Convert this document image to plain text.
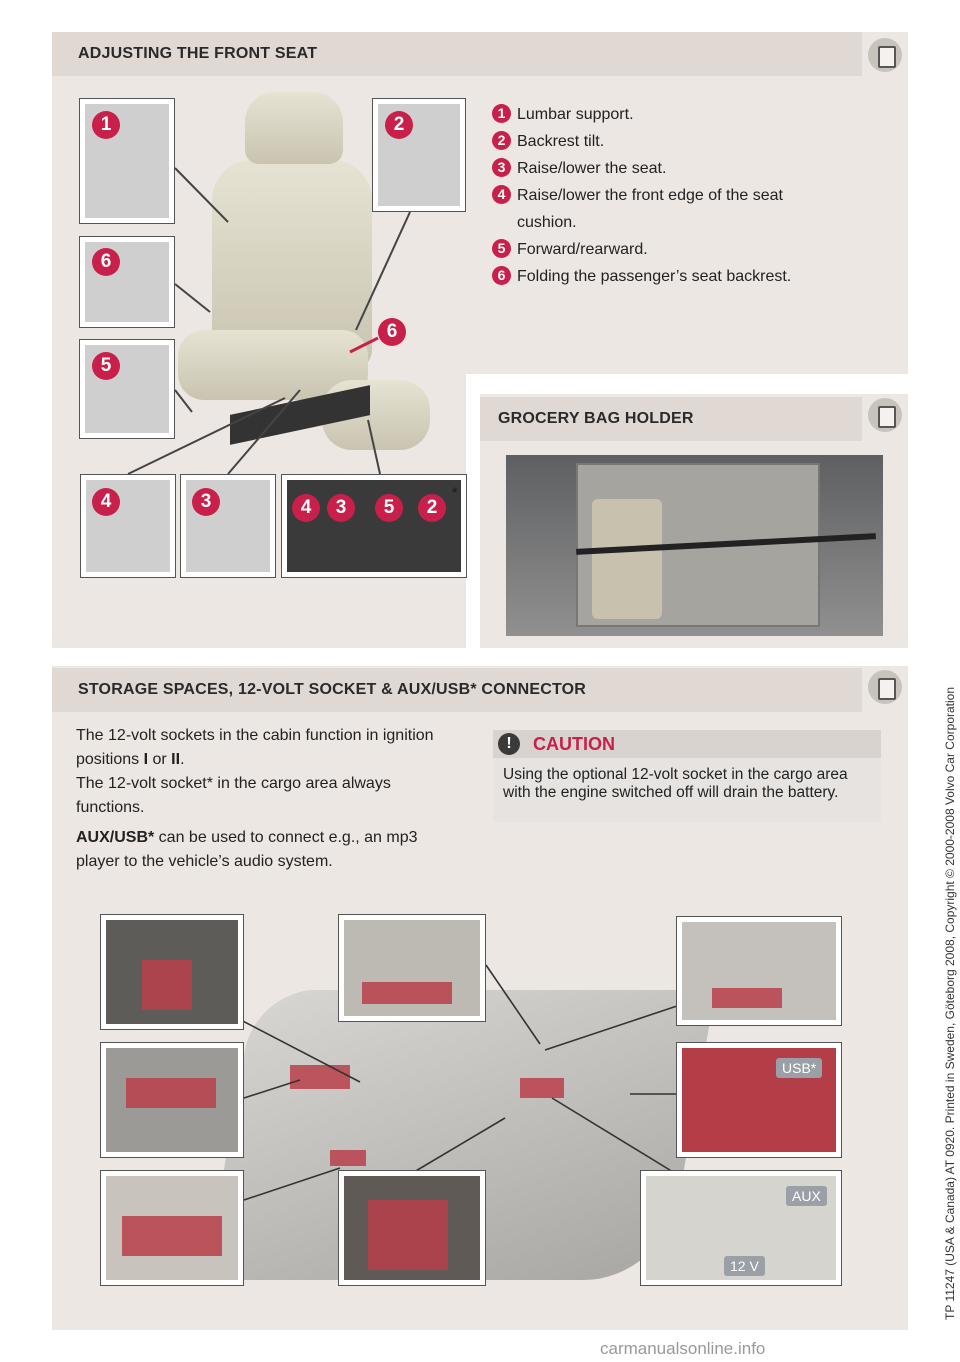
ADJUSTING THE FRONT SEAT
1	2
6
6
5
4	3	4	3	5	2
*
1 Lumbar support.
2 Backrest tilt.
3 Raise/lower the seat.
4 Raise/lower the front edge of the seat
cushion.
5 Forward/rearward.
6 Folding the passenger’s seat backrest.
GROCERY BAG HOLDER
STORAGE SPACES, 12-VOLT SOCKET & AUX/USB* CONNECTOR

The 12-volt sockets in the cabin function in ignition positions I or II.

The 12-volt socket* in the cargo area always functions.

AUX/USB* can be used to connect e.g., an mp3 player to the vehicle’s audio system.

!	CAUTION
Using the optional 12-volt socket in the cargo area with the engine switched off will drain the battery.
USB*
AUX
12 V	TP 11247 (USA & Canada) AT 0920. Printed in Sweden, Göteborg 2008, Copyright © 2000-2008 Volvo Car Corporation
carmanualsonline.info
